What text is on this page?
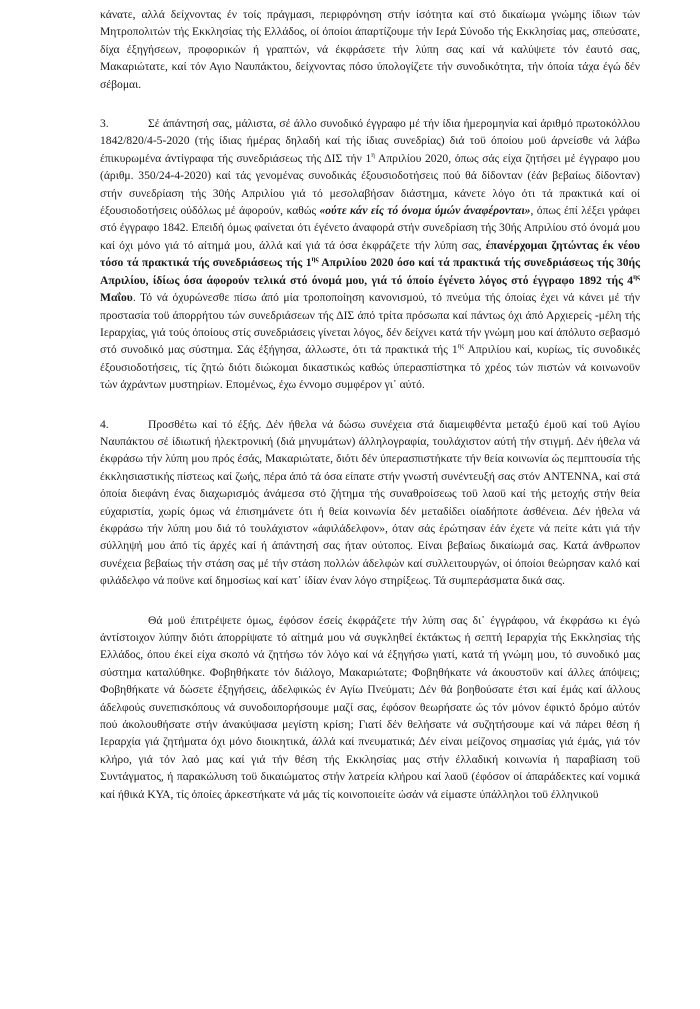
κάνατε, αλλά δείχνοντας έν τοίς πράγμασι, περιφρόνηση στήν ίσότητα καί στό δικαίωμα γνώμης ίδιων τών Μητροπολιτών τής Εκκλησίας τής Ελλάδος, οί όποίοι άπαρτίζουμε τήν Ιερά Σύνοδο τής Εκκλησίας μας, σπεύσατε, δίχα έξηγήσεων, προφορικών ή γραπτών, νά έκφράσετε τήν λύπη σας καί νά καλύψετε τόν έαυτό σας, Μακαριώτατε, καί τόν Αγιο Ναυπάκτου, δείχνοντας πόσο ύπολογίζετε τήν συνοδικότητα, τήν όποία τάχα έγώ δέν σέβομαι.

3.	Σέ άπάντησή σας, μάλιστα, σέ άλλο συνοδικό έγγραφο μέ τήν ίδια ήμερομηνία καί άριθμό πρωτοκόλλου 1842/820/4-5-2020 (τής ίδιας ήμέρας δηλαδή καί τής ίδιας συνεδρίας) διά τοϋ όποίου μοϋ άρνείσθε νά λάβω έπικυρωμένα άντίγραφα τής συνεδριάσεως τής ΔΙΣ τήν $1^\eta$ Απριλίου 2020, όπως σάς είχα ζητήσει μέ έγγραφο μου (άριθμ. 350/24-4-2020) καί τάς γενομένας συνοδικάς έξουσιοδοτήσεις πού θά δίδονταν (έάν βεβαίως δίδονταν) στήν συνεδρίαση τής 30ής Απριλίου γιά τό μεσολαβήσαν διάστημα, κάνετε λόγο ότι τά πρακτικά καί οί έξουσιοδοτήσεις ούδόλως μέ άφορούν, καθώς «ούτε κάν είς τό όνομα ύμών άναφέρονται», όπως έπί λέξει γράφει στό έγγραφο 1842. Επειδή όμως φαίνεται ότι έγένετο άναφορά στήν συνεδρίαση τής 30ής Απριλίου στό όνομά μου καί όχι μόνο γιά τό αίτημά μου, άλλά καί γιά τά όσα έκφράζετε τήν λύπη σας, έπανέρχομαι ζητώντας έκ νέου τόσο τά πρακτικά τής συνεδριάσεως τής $1^{\eta\varsigma}$ Απριλίου 2020 όσο καί τά πρακτικά τής συνεδριάσεως τής 30ής Απριλίου, ίδίως όσα άφορούν τελικά στό όνομά μου, γιά τό όποίο έγένετο λόγος στό έγγραφο 1892 τής $4^{\eta\varsigma}$ Μαΐου. Τό νά όχυρώνεσθε πίσω άπό μία τροποποίηση κανονισμού, τό πνεύμα τής όποίας έχει νά κάνει μέ τήν προστασία τοϋ άπορρήτου τών συνεδριάσεων τής ΔΙΣ άπό τρίτα πρόσωπα καί πάντως όχι άπό Αρχιερείς -μέλη τής Ιεραρχίας, γιά τούς όποίους στίς συνεδριάσεις γίνεται λόγος, δέν δείχνει κατά τήν γνώμη μου καί άπόλυτο σεβασμό στό συνοδικό μας σύστημα. Σάς έξήγησα, άλλωστε, ότι τά πρακτικά τής $1^{\eta\varsigma}$ Απριλίου καί, κυρίως, τίς συνοδικές έξουσιοδοτήσεις, τίς ζητώ διότι διώκομαι δικαστικώς καθώς ύπερασπίστηκα τό χρέος τών πιστών νά κοινωνοϋν τών άχράντων μυστηρίων. Επομένως, έχω έννομο συμφέρον γι᾽ αύτό.

4.	Προσθέτω καί τό έξής. Δέν ήθελα νά δώσω συνέχεια στά διαμειφθέντα μεταξύ έμοϋ καί τοϋ Αγίου Ναυπάκτου σέ ίδιωτική ήλεκτρονική (διά μηνυμάτων) άλληλογραφία, τουλάχιστον αύτή τήν στιγμή. Δέν ήθελα νά έκφράσω τήν λύπη μου πρός έσάς, Μακαριώτατε, διότι δέν ύπερασπιστήκατε τήν θεία κοινωνία ώς πεμπτουσία τής έκκλησιαστικής πίστεως καί ζωής, πέρα άπό τά όσα είπατε στήν γνωστή συνέντευξή σας στόν ANTENNA, καί στά όποία διεφάνη ένας διαχωρισμός άνάμεσα στό ζήτημα τής συναθροίσεως τοϋ λαοϋ καί τής μετοχής στήν θεία εύχαριστία, χωρίς όμως νά έπισημάνετε ότι ή θεία κοινωνία δέν μεταδίδει οίαδήποτε άσθένεια. Δέν ήθελα νά έκφράσω τήν λύπη μου διά τό τουλάχιστον «άφιλάδελφον», όταν σάς έρώτησαν έάν έχετε νά πείτε κάτι γιά τήν σύλληψή μου άπό τίς άρχές καί ή άπάντησή σας ήταν ούτοπος. Είναι βεβαίως δικαίωμά σας. Κατά άνθρωπον συνέχεια βεβαίως τήν στάση σας μέ τήν στάση πολλών άδελφών καί συλλειτουργών, οί όποίοι θεώρησαν καλό καί φιλάδελφο νά ποϋνε καί δημοσίως καί κατ᾽ ίδίαν έναν λόγο στηρίξεως. Τά συμπεράσματα δικά σας.

Θά μοϋ έπιτρέψετε όμως, έφόσον έσείς έκφράζετε τήν λύπη σας δι᾽ έγγράφου, νά έκφράσω κι έγώ άντίστοιχον λύπην διότι άπορρίψατε τό αίτημά μου νά συγκληθεί έκτάκτως ή σεπτή Ιεραρχία τής Εκκλησίας τής Ελλάδος, όπου έκεί είχα σκοπό νά ζητήσω τόν λόγο καί νά έξηγήσω γιατί, κατά τή γνώμη μου, τό συνοδικό μας σύστημα καταλύθηκε. Φοβηθήκατε τόν διάλογο, Μακαριώτατε; Φοβηθήκατε νά άκουστοϋν καί άλλες άπόψεις; Φοβηθήκατε νά δώσετε έξηγήσεις, άδελφικώς έν Αγίω Πνεύματι; Δέν θά βοηθούσατε έτσι καί έμάς καί άλλους άδελφούς συνεπισκόπους νά συνοδοιπορήσουμε μαζί σας, έφόσον θεωρήσατε ώς τόν μόνον έφικτό δρόμο αύτόν πού άκολουθήσατε στήν άνακύψασα μεγίστη κρίση; Γιατί δέν θελήσατε νά συζητήσουμε καί νά πάρει θέση ή Ιεραρχία γιά ζητήματα όχι μόνο διοικητικά, άλλά καί πνευματικά; Δέν είναι μείζονος σημασίας γιά έμάς, γιά τόν κλήρο, γιά τόν λαό μας καί γιά τήν θέση τής Εκκλησίας μας στήν έλλαδική κοινωνία ή παραβίαση τοϋ Συντάγματος, ή παρακώλυση τοϋ δικαιώματος στήν λατρεία κλήρου καί λαοϋ (έφόσον οί άπαράδεκτες καί νομικά καί ήθικά ΚΥΑ, τίς όποίες άρκεστήκατε νά μάς τίς κοινοποιείτε ώσάν νά είμαστε ύπάλληλοι τοϋ έλληνικοϋ
